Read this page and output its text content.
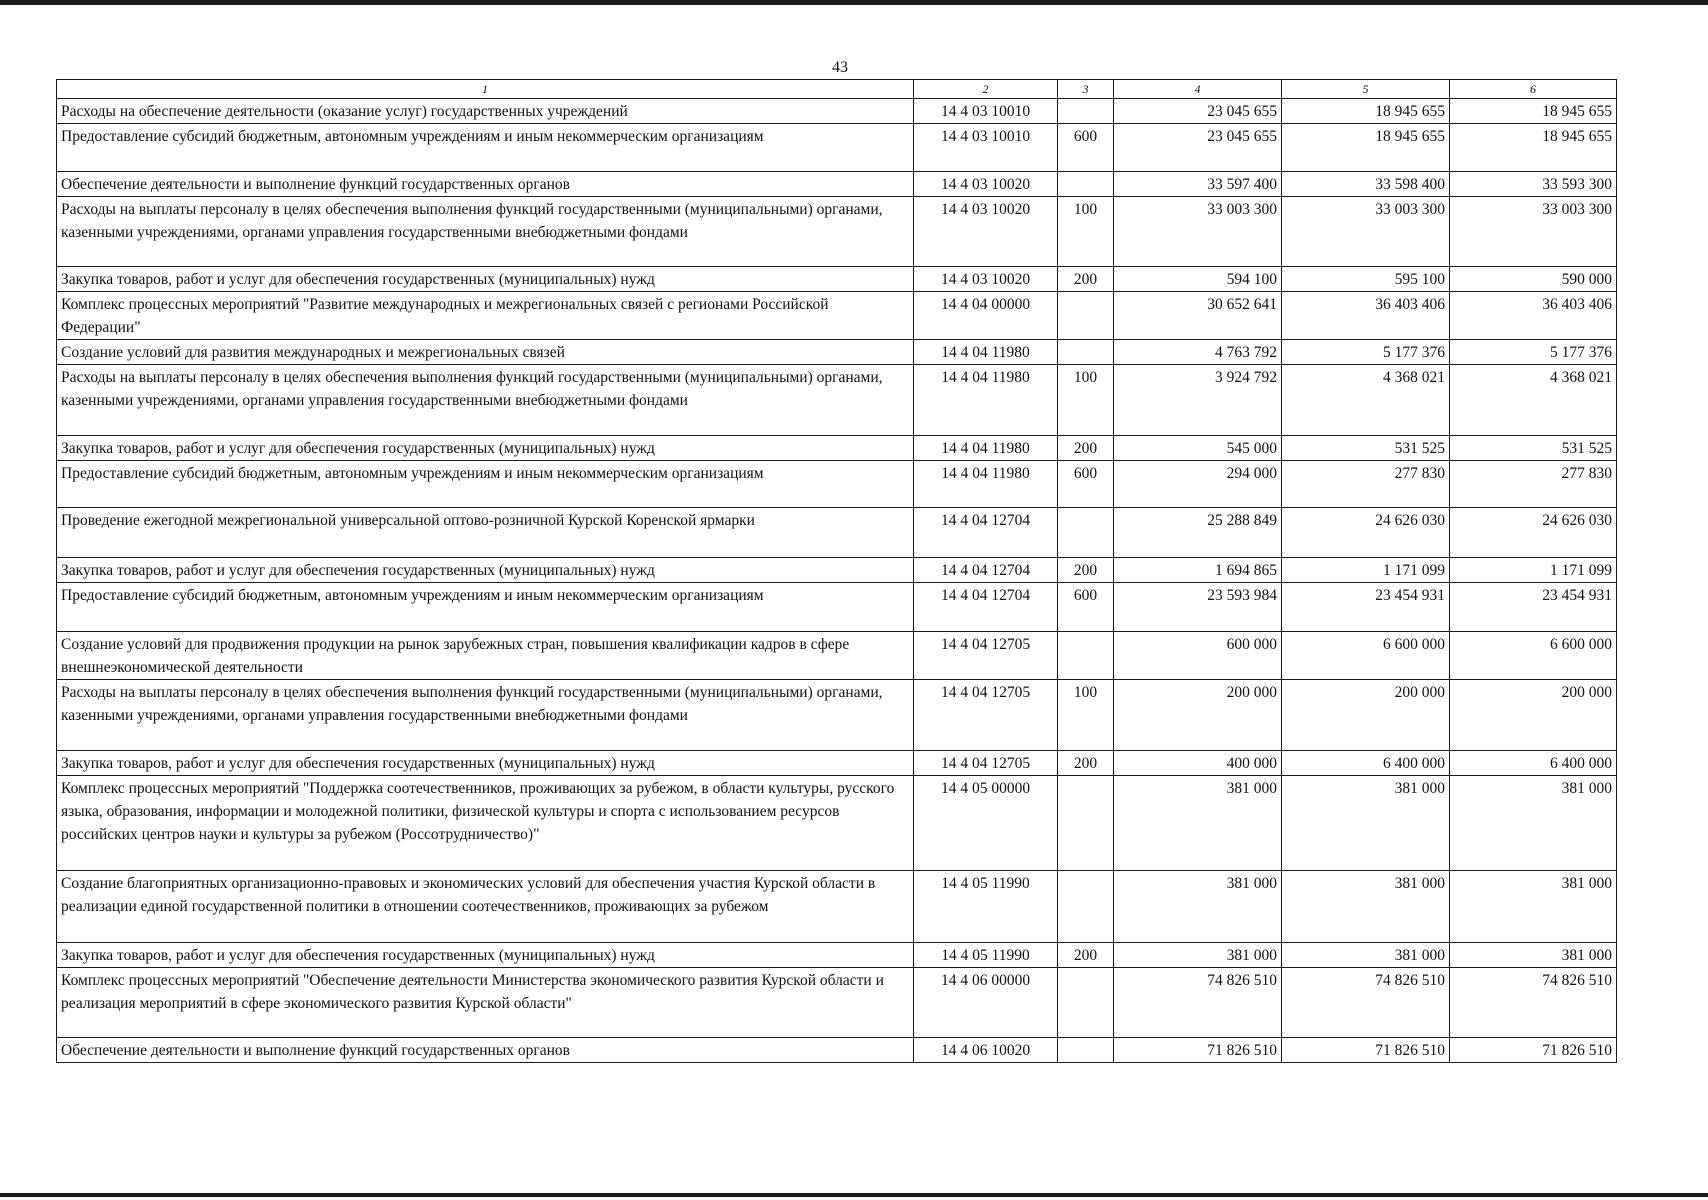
43
1	2	3	4	5	6
Расходы на обеспечение деятельности (оказание услуг) государственных учреждений	14 4 03 10010		23 045 655	18 945 655	18 945 655
Предоставление субсидий бюджетным, автономным учреждениям и иным некоммерческим организациям	14 4 03 10010	600	23 045 655	18 945 655	18 945 655
Обеспечение деятельности и выполнение функций государственных органов	14 4 03 10020		33 597 400	33 598 400	33 593 300
Расходы на выплаты персоналу в целях обеспечения выполнения функций государственными (муниципальными) органами, казенными учреждениями, органами управления государственными внебюджетными фондами	14 4 03 10020	100	33 003 300	33 003 300	33 003 300
Закупка товаров, работ и услуг для обеспечения государственных (муниципальных) нужд	14 4 03 10020	200	594 100	595 100	590 000
Комплекс процессных мероприятий "Развитие международных и межрегиональных связей с регионами Российской Федерации"	14 4 04 00000		30 652 641	36 403 406	36 403 406
Создание условий для развития международных и межрегиональных связей	14 4 04 11980		4 763 792	5 177 376	5 177 376
Расходы на выплаты персоналу в целях обеспечения выполнения функций государственными (муниципальными) органами, казенными учреждениями, органами управления государственными внебюджетными фондами	14 4 04 11980	100	3 924 792	4 368 021	4 368 021
Закупка товаров, работ и услуг для обеспечения государственных (муниципальных) нужд	14 4 04 11980	200	545 000	531 525	531 525
Предоставление субсидий бюджетным, автономным учреждениям и иным некоммерческим организациям	14 4 04 11980	600	294 000	277 830	277 830
Проведение ежегодной межрегиональной универсальной оптово-розничной Курской Коренской ярмарки	14 4 04 12704		25 288 849	24 626 030	24 626 030
Закупка товаров, работ и услуг для обеспечения государственных (муниципальных) нужд	14 4 04 12704	200	1 694 865	1 171 099	1 171 099
Предоставление субсидий бюджетным, автономным учреждениям и иным некоммерческим организациям	14 4 04 12704	600	23 593 984	23 454 931	23 454 931
Создание условий для продвижения продукции на рынок зарубежных стран, повышения квалификации кадров в сфере внешнеэкономической деятельности	14 4 04 12705		600 000	6 600 000	6 600 000
Расходы на выплаты персоналу в целях обеспечения выполнения функций государственными (муниципальными) органами, казенными учреждениями, органами управления государственными внебюджетными фондами	14 4 04 12705	100	200 000	200 000	200 000
Закупка товаров, работ и услуг для обеспечения государственных (муниципальных) нужд	14 4 04 12705	200	400 000	6 400 000	6 400 000
Комплекс процессных мероприятий "Поддержка соотечественников, проживающих за рубежом, в области культуры, русского языка, образования, информации и молодежной политики, физической культуры и спорта с использованием ресурсов российских центров науки и культуры за рубежом (Россотрудничество)"	14 4 05 00000		381 000	381 000	381 000
Создание благоприятных организационно-правовых и экономических условий для обеспечения участия Курской области в реализации единой государственной политики в отношении соотечественников, проживающих за рубежом	14 4 05 11990		381 000	381 000	381 000
Закупка товаров, работ и услуг для обеспечения государственных (муниципальных) нужд	14 4 05 11990	200	381 000	381 000	381 000
Комплекс процессных мероприятий "Обеспечение деятельности Министерства экономического развития Курской области и реализация мероприятий в сфере экономического развития Курской области"	14 4 06 00000		74 826 510	74 826 510	74 826 510
Обеспечение деятельности и выполнение функций государственных органов	14 4 06 10020		71 826 510	71 826 510	71 826 510
